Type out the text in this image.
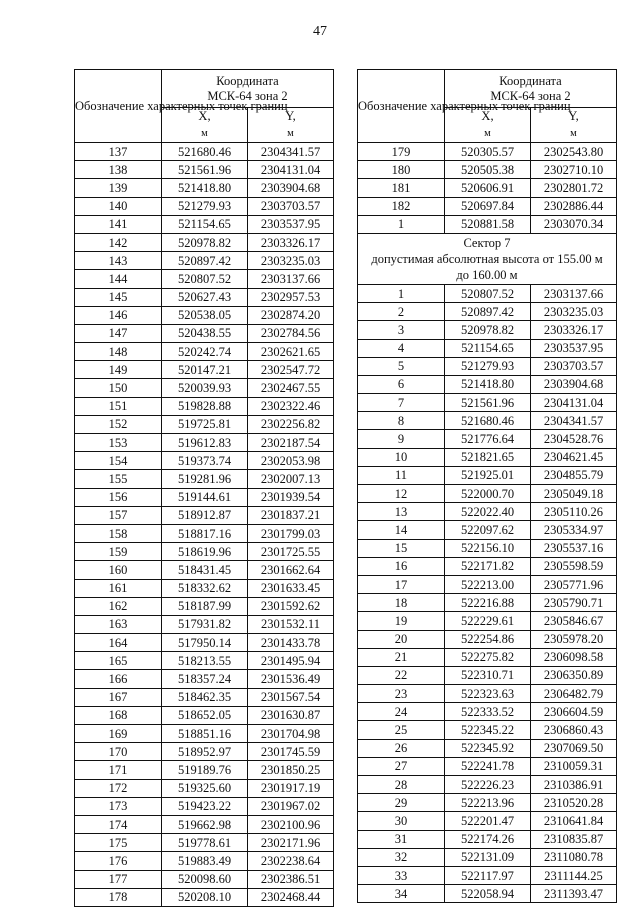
47
Обозначение характерных точек границ	Координата
МСК-64 зона 2	

	X,
м	Y,
м

137	521680.46	2304341.57
138	521561.96	2304131.04
139	521418.80	2303904.68
140	521279.93	2303703.57
141	521154.65	2303537.95
142	520978.82	2303326.17
143	520897.42	2303235.03
144	520807.52	2303137.66
145	520627.43	2302957.53
146	520538.05	2302874.20
147	520438.55	2302784.56
148	520242.74	2302621.65
149	520147.21	2302547.72
150	520039.93	2302467.55
151	519828.88	2302322.46
152	519725.81	2302256.82
153	519612.83	2302187.54
154	519373.74	2302053.98
155	519281.96	2302007.13
156	519144.61	2301939.54
157	518912.87	2301837.21
158	518817.16	2301799.03
159	518619.96	2301725.55
160	518431.45	2301662.64
161	518332.62	2301633.45
162	518187.99	2301592.62
163	517931.82	2301532.11
164	517950.14	2301433.78
165	518213.55	2301495.94
166	518357.24	2301536.49
167	518462.35	2301567.54
168	518652.05	2301630.87
169	518851.16	2301704.98
170	518952.97	2301745.59
171	519189.76	2301850.25
172	519325.60	2301917.19
173	519423.22	2301967.02
174	519662.98	2302100.96
175	519778.61	2302171.96
176	519883.49	2302238.64
177	520098.60	2302386.51
178	520208.10	2302468.44
Обозначение характерных точек границ	Координата
МСК-64 зона 2	

	X,
м	Y,
м

179	520305.57	2302543.80
180	520505.38	2302710.10
181	520606.91	2302801.72
182	520697.84	2302886.44
1	520881.58	2303070.34

Сектор 7
допустимая абсолютная высота от 155.00 м
до 160.00 м		

1	520807.52	2303137.66
2	520897.42	2303235.03
3	520978.82	2303326.17
4	521154.65	2303537.95
5	521279.93	2303703.57
6	521418.80	2303904.68
7	521561.96	2304131.04
8	521680.46	2304341.57
9	521776.64	2304528.76
10	521821.65	2304621.45
11	521925.01	2304855.79
12	522000.70	2305049.18
13	522022.40	2305110.26
14	522097.62	2305334.97
15	522156.10	2305537.16
16	522171.82	2305598.59
17	522213.00	2305771.96
18	522216.88	2305790.71
19	522229.61	2305846.67
20	522254.86	2305978.20
21	522275.82	2306098.58
22	522310.71	2306350.89
23	522323.63	2306482.79
24	522333.52	2306604.59
25	522345.22	2306860.43
26	522345.92	2307069.50
27	522241.78	2310059.31
28	522226.23	2310386.91
29	522213.96	2310520.28
30	522201.47	2310641.84
31	522174.26	2310835.87
32	522131.09	2311080.78
33	522117.97	2311144.25
34	522058.94	2311393.47
